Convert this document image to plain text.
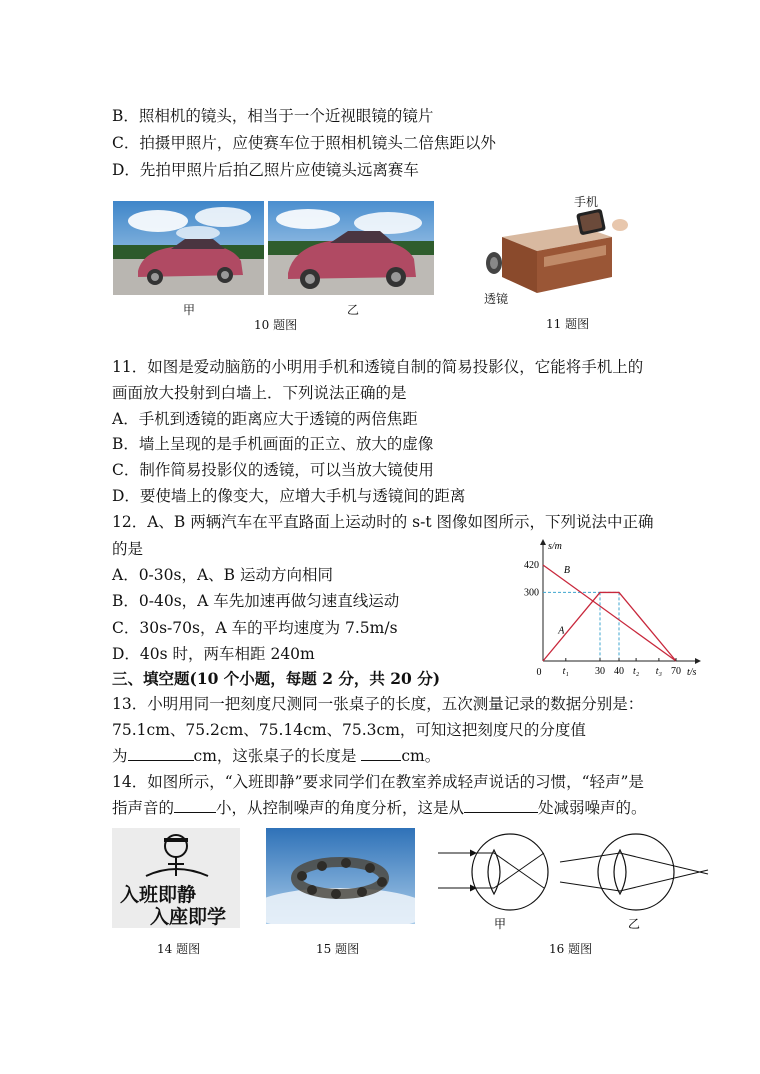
B．照相机的镜头，相当于一个近视眼镜的镜片
C．拍摄甲照片，应使赛车位于照相机镜头二倍焦距以外
D．先拍甲照片后拍乙照片应使镜头远离赛车
甲	乙
10 题图
手机
透镜
11 题图
11．如图是爱动脑筋的小明用手机和透镜自制的简易投影仪，它能将手机上的
画面放大投射到白墙上．下列说法正确的是
A．手机到透镜的距离应大于透镜的两倍焦距
B．墙上呈现的是手机画面的正立、放大的虚像
C．制作简易投影仪的透镜，可以当放大镜使用
D．要使墙上的像变大，应增大手机与透镜间的距离
12．A、B 两辆汽车在平直路面上运动时的 s-t 图像如图所示，下列说法中正确
的是
A．0-30s，A、B 运动方向相同
B．0-40s，A 车先加速再做匀速直线运动
C．30s-70s，A 车的平均速度为 7.5m/s
D．40s 时，两车相距 240m
s/m
t/s
0
A
B
300
420
t₁	30 40 t₂ t₃ 70
三、填空题(10 个小题，每题 2 分，共 20 分)
13．小明用同一把刻度尺测同一张桌子的长度，五次测量记录的数据分别是：
75.1cm、75.2cm、75.14cm、75.3cm，可知这把刻度尺的分度值
为	cm，这张桌子的长度是	cm。
14．如图所示，“入班即静”要求同学们在教室养成轻声说话的习惯，“轻声”是
指声音的	小，从控制噪声的角度分析，这是从	处减弱噪声的。
入班即静
入座即学
14 题图	15 题图
甲	乙
16 题图
